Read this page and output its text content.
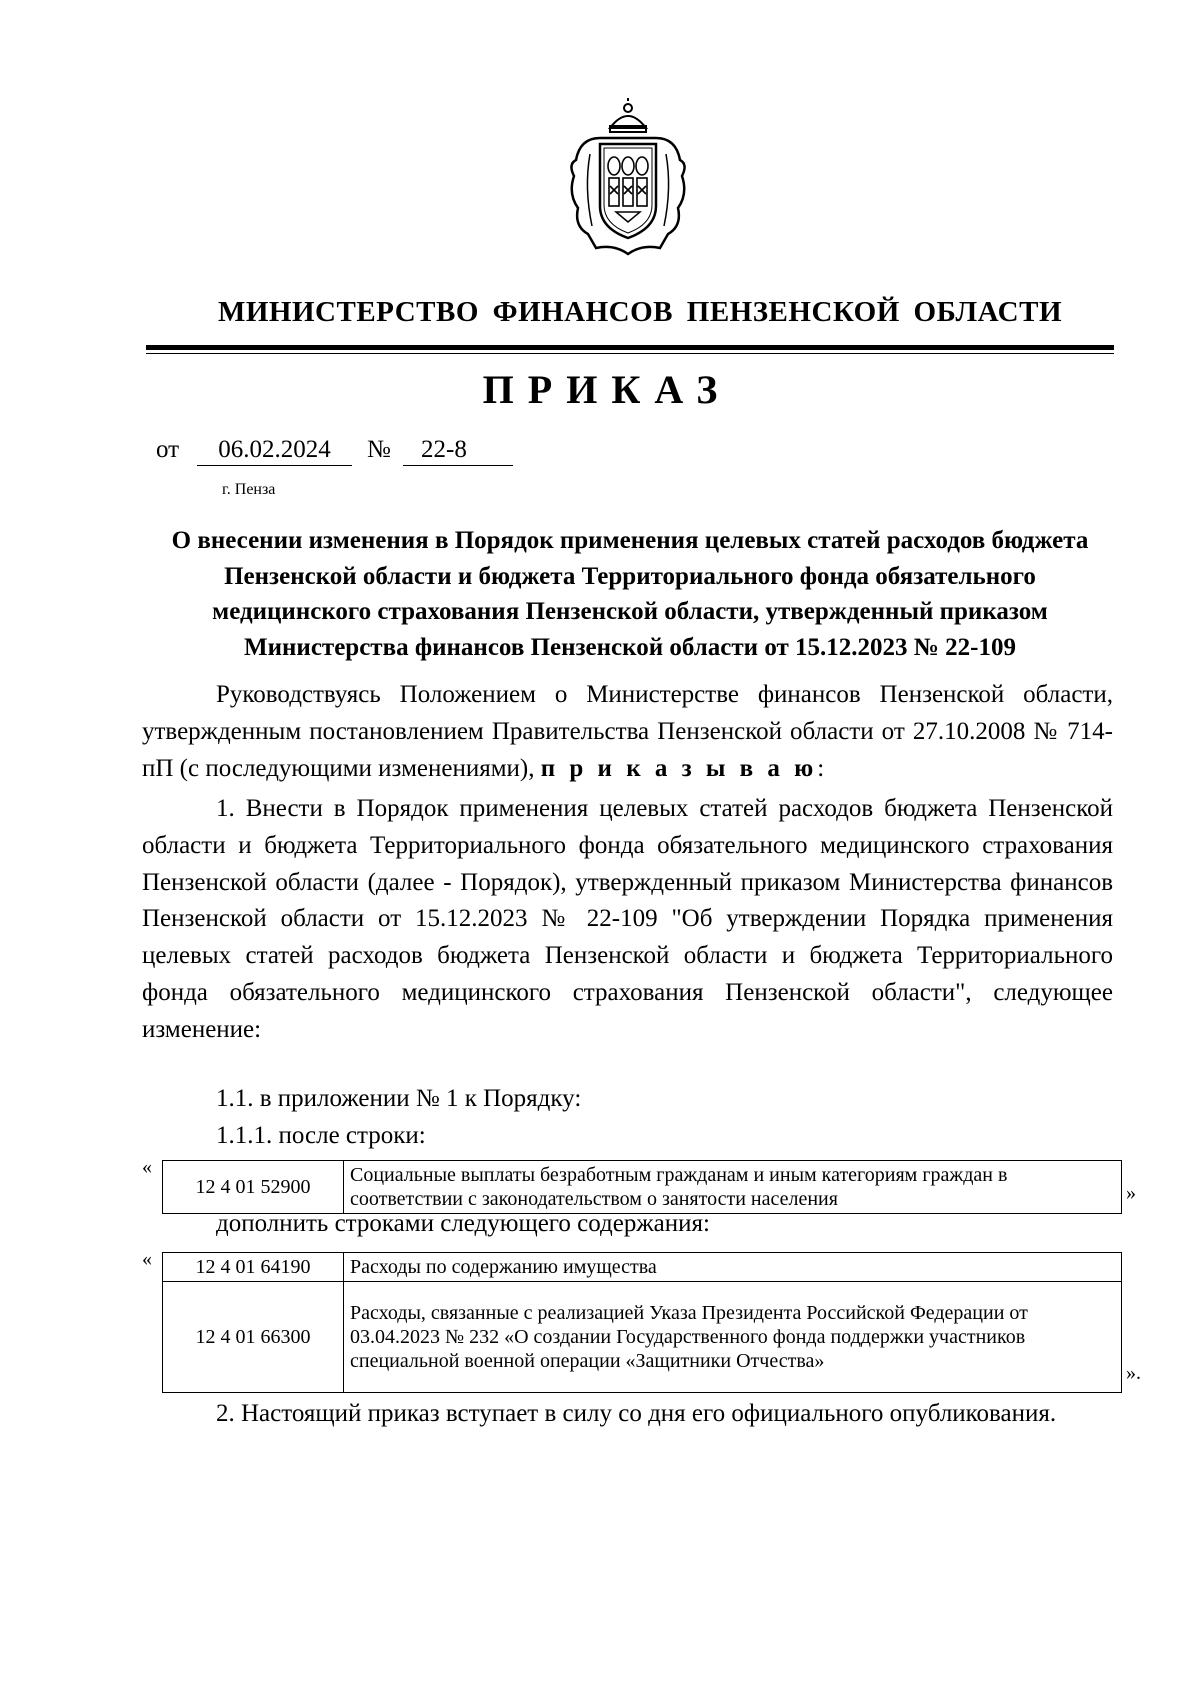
МИНИСТЕРСТВО ФИНАНСОВ ПЕНЗЕНСКОЙ ОБЛАСТИ
ПРИКАЗ
от	06.02.2024	№	22-8
г. Пенза
О внесении изменения в Порядок применения целевых статей расходов бюджета Пензенской области и бюджета Территориального фонда обязательного медицинского страхования Пензенской области, утвержденный приказом Министерства финансов Пензенской области от 15.12.2023 № 22-109

Руководствуясь Положением о Министерстве финансов Пензенской области, утвержденным постановлением Правительства Пензенской области от 27.10.2008 № 714-пП (с последующими изменениями), п р и к а з ы в а ю:

1. Внести в Порядок применения целевых статей расходов бюджета Пензенской области и бюджета Территориального фонда обязательного медицинского страхования Пензенской области (далее - Порядок), утвержденный приказом Министерства финансов Пензенской области от 15.12.2023 № 22-109 "Об утверждении Порядка применения целевых статей расходов бюджета Пензенской области и бюджета Территориального фонда обязательного медицинского страхования Пензенской области", следующее изменение:

1.1. в приложении № 1 к Порядку:
1.1.1. после строки:
«
12 4 01 52900	Социальные выплаты безработным гражданам и иным категориям граждан в соответствии с законодательством о занятости населения	»
дополнить строками следующего содержания:
« 12 4 01 64190	Расходы по содержанию имущества
12 4 01 66300	Расходы, связанные с реализацией Указа Президента Российской Федерации от 03.04.2023 № 232 «О создании Государственного фонда поддержки участников специальной военной операции «Защитники Отчества»
».

2. Настоящий приказ вступает в силу со дня его официального опубликования.
